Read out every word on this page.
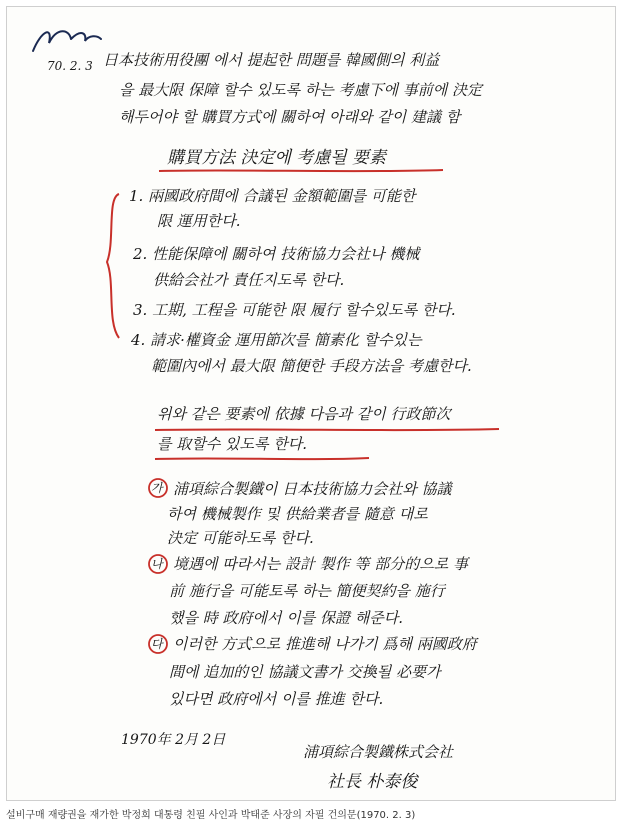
70. 2. 3 日本技術用役團 에서 提起한 問題를 韓國側의 利益
을 最大限 保障 할수 있도록 하는 考慮下에 事前에 決定
해두어야 할 購買方式에 關하여 아래와 같이 建議 함
購買方法 決定에 考慮될 要素
1. 兩國政府間에 合議된 金額範圍를 可能한
限 運用한다.
2. 性能保障에 關하여 技術協力会社나 機械
供給会社가 責任지도록 한다.
3. 工期, 工程을 可能한 限 履行 할수있도록 한다.
4. 請求·權資金 運用節次를 簡素化 할수있는
範圍內에서 最大限 簡便한 手段方法을 考慮한다.
위와 같은 要素에 依據 다음과 같이 行政節次
를 取할수 있도록 한다.
가 浦項綜合製鐵이 日本技術協力会社와 協議
하여 機械製作 및 供給業者를 隨意 대로
決定 可能하도록 한다.
나 境遇에 따라서는 設計 製作 等 部分的으로 事
前 施行을 可能토록 하는 簡便契約을 施行
했을 時 政府에서 이를 保證 해준다.
다 이러한 方式으로 推進해 나가기 爲해 兩國政府
間에 追加的인 協議文書가 交換될 必要가
있다면 政府에서 이를 推進 한다.
1970年 2月 2日
浦項綜合製鐵株式会社
社長 朴泰俊
설비구매 재량권을 재가한 박정희 대통령 친필 사인과 박태준 사장의 자필 건의문(1970. 2. 3)
